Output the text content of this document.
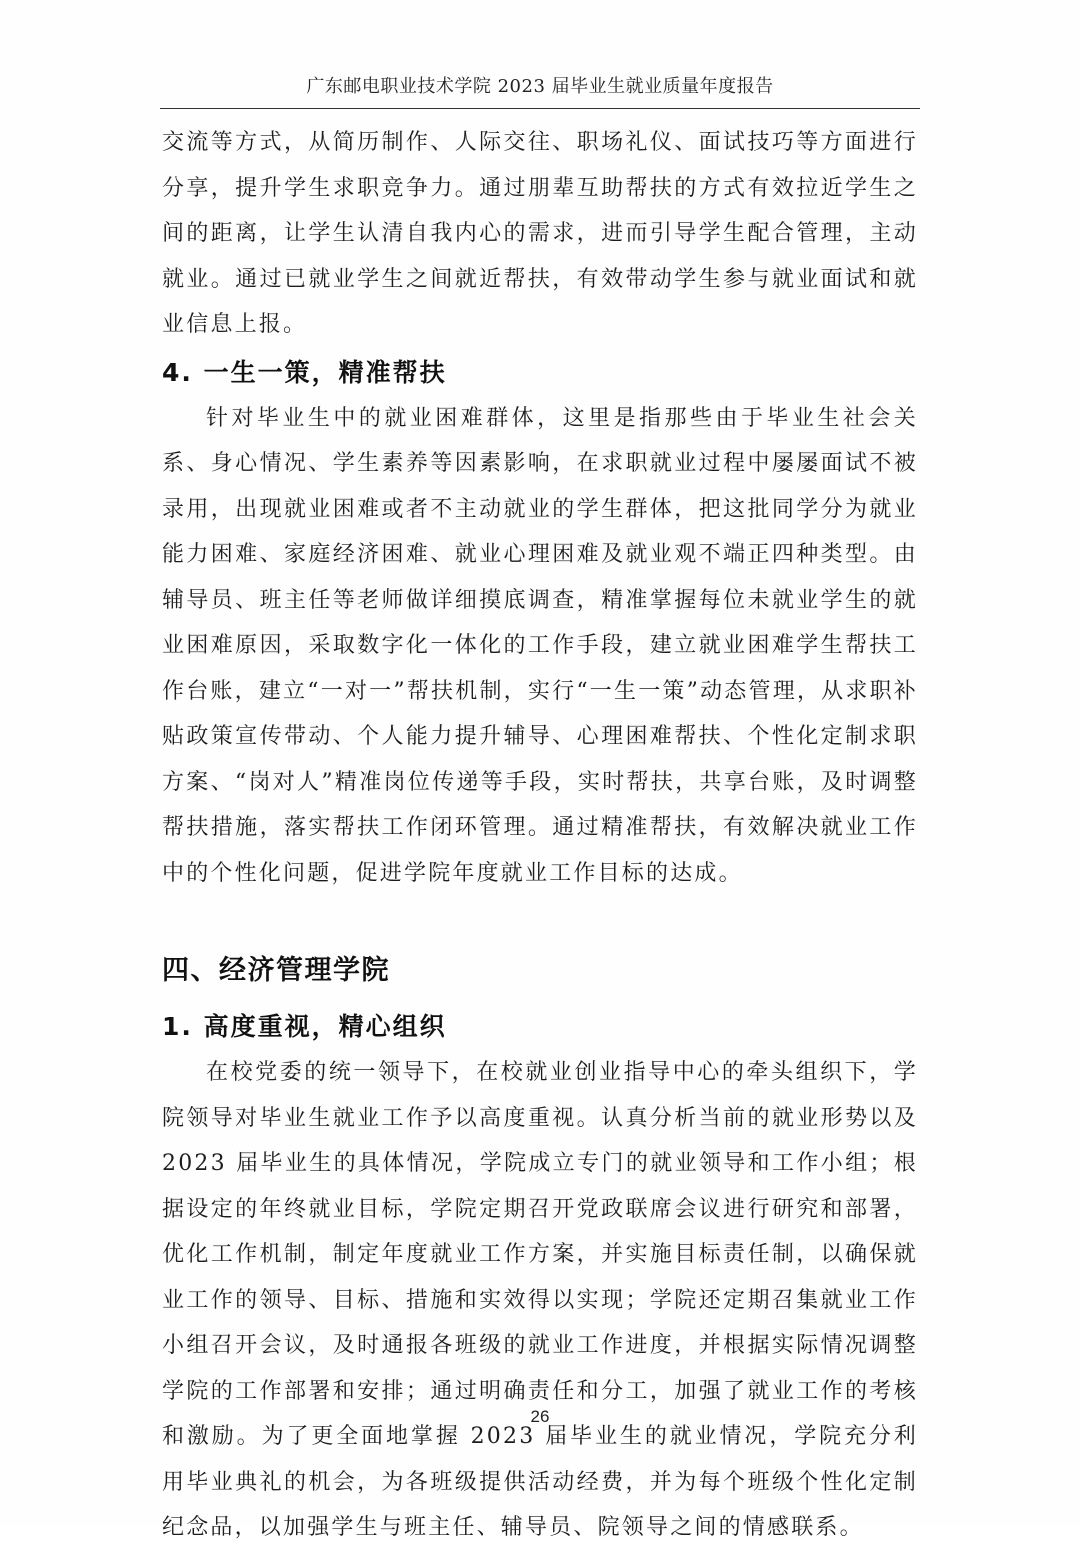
广东邮电职业技术学院 2023 届毕业生就业质量年度报告

交流等方式，从简历制作、人际交往、职场礼仪、面试技巧等方面进行分享，提升学生求职竞争力。通过朋辈互助帮扶的方式有效拉近学生之间的距离，让学生认清自我内心的需求，进而引导学生配合管理，主动就业。通过已就业学生之间就近帮扶，有效带动学生参与就业面试和就业信息上报。

4. 一生一策，精准帮扶

针对毕业生中的就业困难群体，这里是指那些由于毕业生社会关系、身心情况、学生素养等因素影响，在求职就业过程中屡屡面试不被录用，出现就业困难或者不主动就业的学生群体，把这批同学分为就业能力困难、家庭经济困难、就业心理困难及就业观不端正四种类型。由辅导员、班主任等老师做详细摸底调查，精准掌握每位未就业学生的就业困难原因，采取数字化一体化的工作手段，建立就业困难学生帮扶工作台账，建立“一对一”帮扶机制，实行“一生一策”动态管理，从求职补贴政策宣传带动、个人能力提升辅导、心理困难帮扶、个性化定制求职方案、“岗对人”精准岗位传递等手段，实时帮扶，共享台账，及时调整帮扶措施，落实帮扶工作闭环管理。通过精准帮扶，有效解决就业工作中的个性化问题，促进学院年度就业工作目标的达成。

四、经济管理学院
1. 高度重视，精心组织

在校党委的统一领导下，在校就业创业指导中心的牵头组织下，学院领导对毕业生就业工作予以高度重视。认真分析当前的就业形势以及 2023 届毕业生的具体情况，学院成立专门的就业领导和工作小组；根据设定的年终就业目标，学院定期召开党政联席会议进行研究和部署，优化工作机制，制定年度就业工作方案，并实施目标责任制，以确保就业工作的领导、目标、措施和实效得以实现；学院还定期召集就业工作小组召开会议，及时通报各班级的就业工作进度，并根据实际情况调整学院的工作部署和安排；通过明确责任和分工，加强了就业工作的考核和激励。为了更全面地掌握 2023 届毕业生的就业情况，学院充分利用毕业典礼的机会，为各班级提供活动经费，并为每个班级个性化定制纪念品，以加强学生与班主任、辅导员、院领导之间的情感联系。

26
